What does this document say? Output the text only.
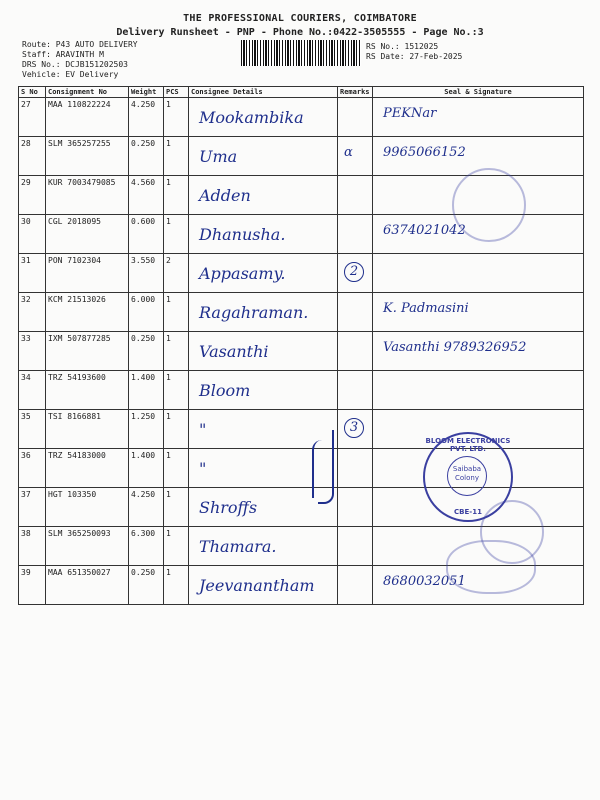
THE PROFESSIONAL COURIERS, COIMBATORE
Delivery Runsheet - PNP - Phone No.:0422-3505555 - Page No.:3
Route: P43 AUTO DELIVERY
Staff: ARAVINTH M
DRS No.: DCJB151202503
Vehicle: EV Delivery
RS No.: 1512025
RS Date: 27-Feb-2025
S No	Consignment No	Weight	PCS	Consignee Details	Remarks	Seal & Signature
27	MAA 110822224	4.250	1	Mookambika		PEKNar

28	SLM 365257255	0.250	1	Uma	α	9965066152

29	KUR 7003479085	4.560	1	Adden		

30	CGL 2018095	0.600	1	Dhanusha.		6374021042

31	PON 7102304	3.550	2	Appasamy.	2	

32	KCM 21513026	6.000	1	Ragahraman.		K. Padmasini

33	IXM 507877285	0.250	1	Vasanthi		Vasanthi 9789326952

34	TRZ 54193600	1.400	1	Bloom		

35	TSI 8166881	1.250	1	"	3	

36	TRZ 54183000	1.400	1	"		

37	HGT 103350	4.250	1	Shroffs		

38	SLM 365250093	6.300	1	Thamara.		

39	MAA 651350027	0.250	1	Jeevanantham		8680032051
BLOOM ELECTRONICS PVT. LTD.
Saibaba Colony
CBE-11
